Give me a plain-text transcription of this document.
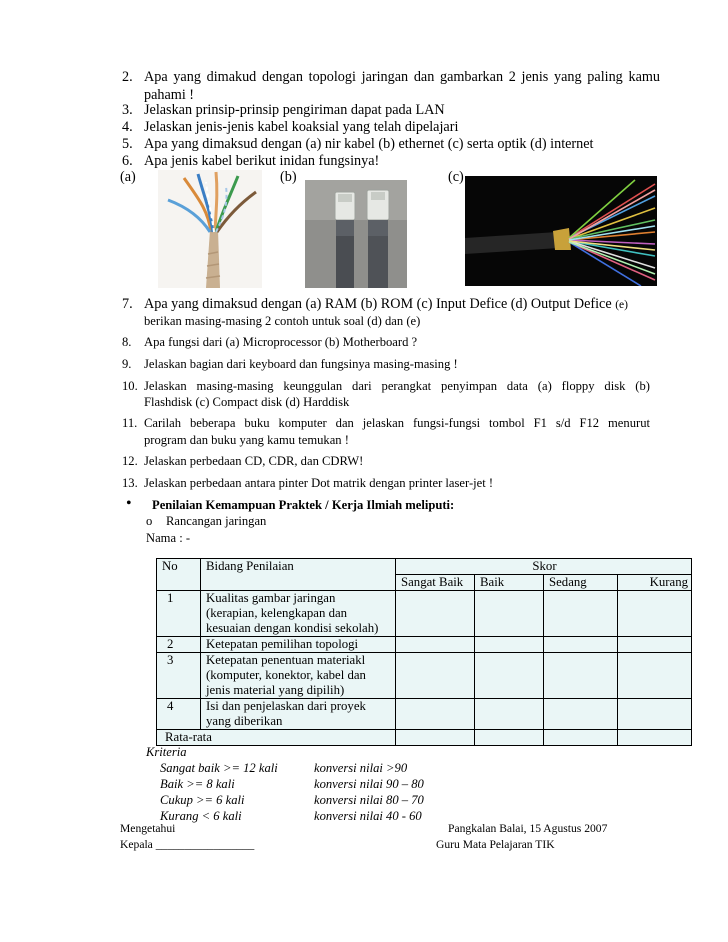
2. Apa yang dimakud dengan topologi jaringan dan gambarkan 2 jenis yang paling kamu
pahami !
3. Jelaskan prinsip-prinsip pengiriman dapat pada LAN
4. Jelaskan jenis-jenis kabel koaksial yang telah dipelajari
5. Apa yang dimaksud dengan (a) nir kabel (b) ethernet (c) serta optik (d) internet
6. Apa jenis kabel berikut inidan fungsinya!
(a)	(b)	(c)
7. Apa yang dimaksud dengan (a) RAM (b) ROM (c) Input Defice (d) Output Defice (e)
berikan masing-masing 2 contoh untuk soal (d) dan (e)
8. Apa fungsi dari (a) Microprocessor (b) Motherboard ?
9. Jelaskan bagian dari keyboard dan fungsinya masing-masing !
10. Jelaskan masing-masing keunggulan dari perangkat penyimpan data (a) floppy disk (b)
Flashdisk (c) Compact disk (d) Harddisk
11. Carilah beberapa buku komputer dan jelaskan fungsi-fungsi tombol F1 s/d F12 menurut
program dan buku yang kamu temukan !
12. Jelaskan perbedaan CD, CDR, dan CDRW!
13. Jelaskan perbedaan antara pinter Dot matrik dengan printer laser-jet !
• Penilaian Kemampuan Praktek / Kerja Ilmiah meliputi:
o Rancangan jaringan
Nama : -
No	Bidang Penilaian	Skor			
		Sangat Baik	Baik	Sedang	Kurang
1	Kualitas gambar jaringan
(kerapian, kelengkapan dan
kesuaian dengan kondisi sekolah)				

2	Ketepatan pemilihan topologi				

3	Ketepatan penentuan materiakl
(komputer, konektor, kabel dan
jenis material yang dipilih)				

4	Isi dan penjelaskan dari proyek
yang diberikan				

Rata-rata					
Kriteria
Sangat baik >= 12 kali	konversi nilai >90
Baik >= 8 kali	konversi nilai 90 – 80
Cukup >= 6 kali	konversi nilai 80 – 70
Kurang < 6 kali	konversi nilai 40 - 60
Mengetahui
Kepala _________________
Pangkalan Balai, 15 Agustus 2007
Guru Mata Pelajaran TIK
